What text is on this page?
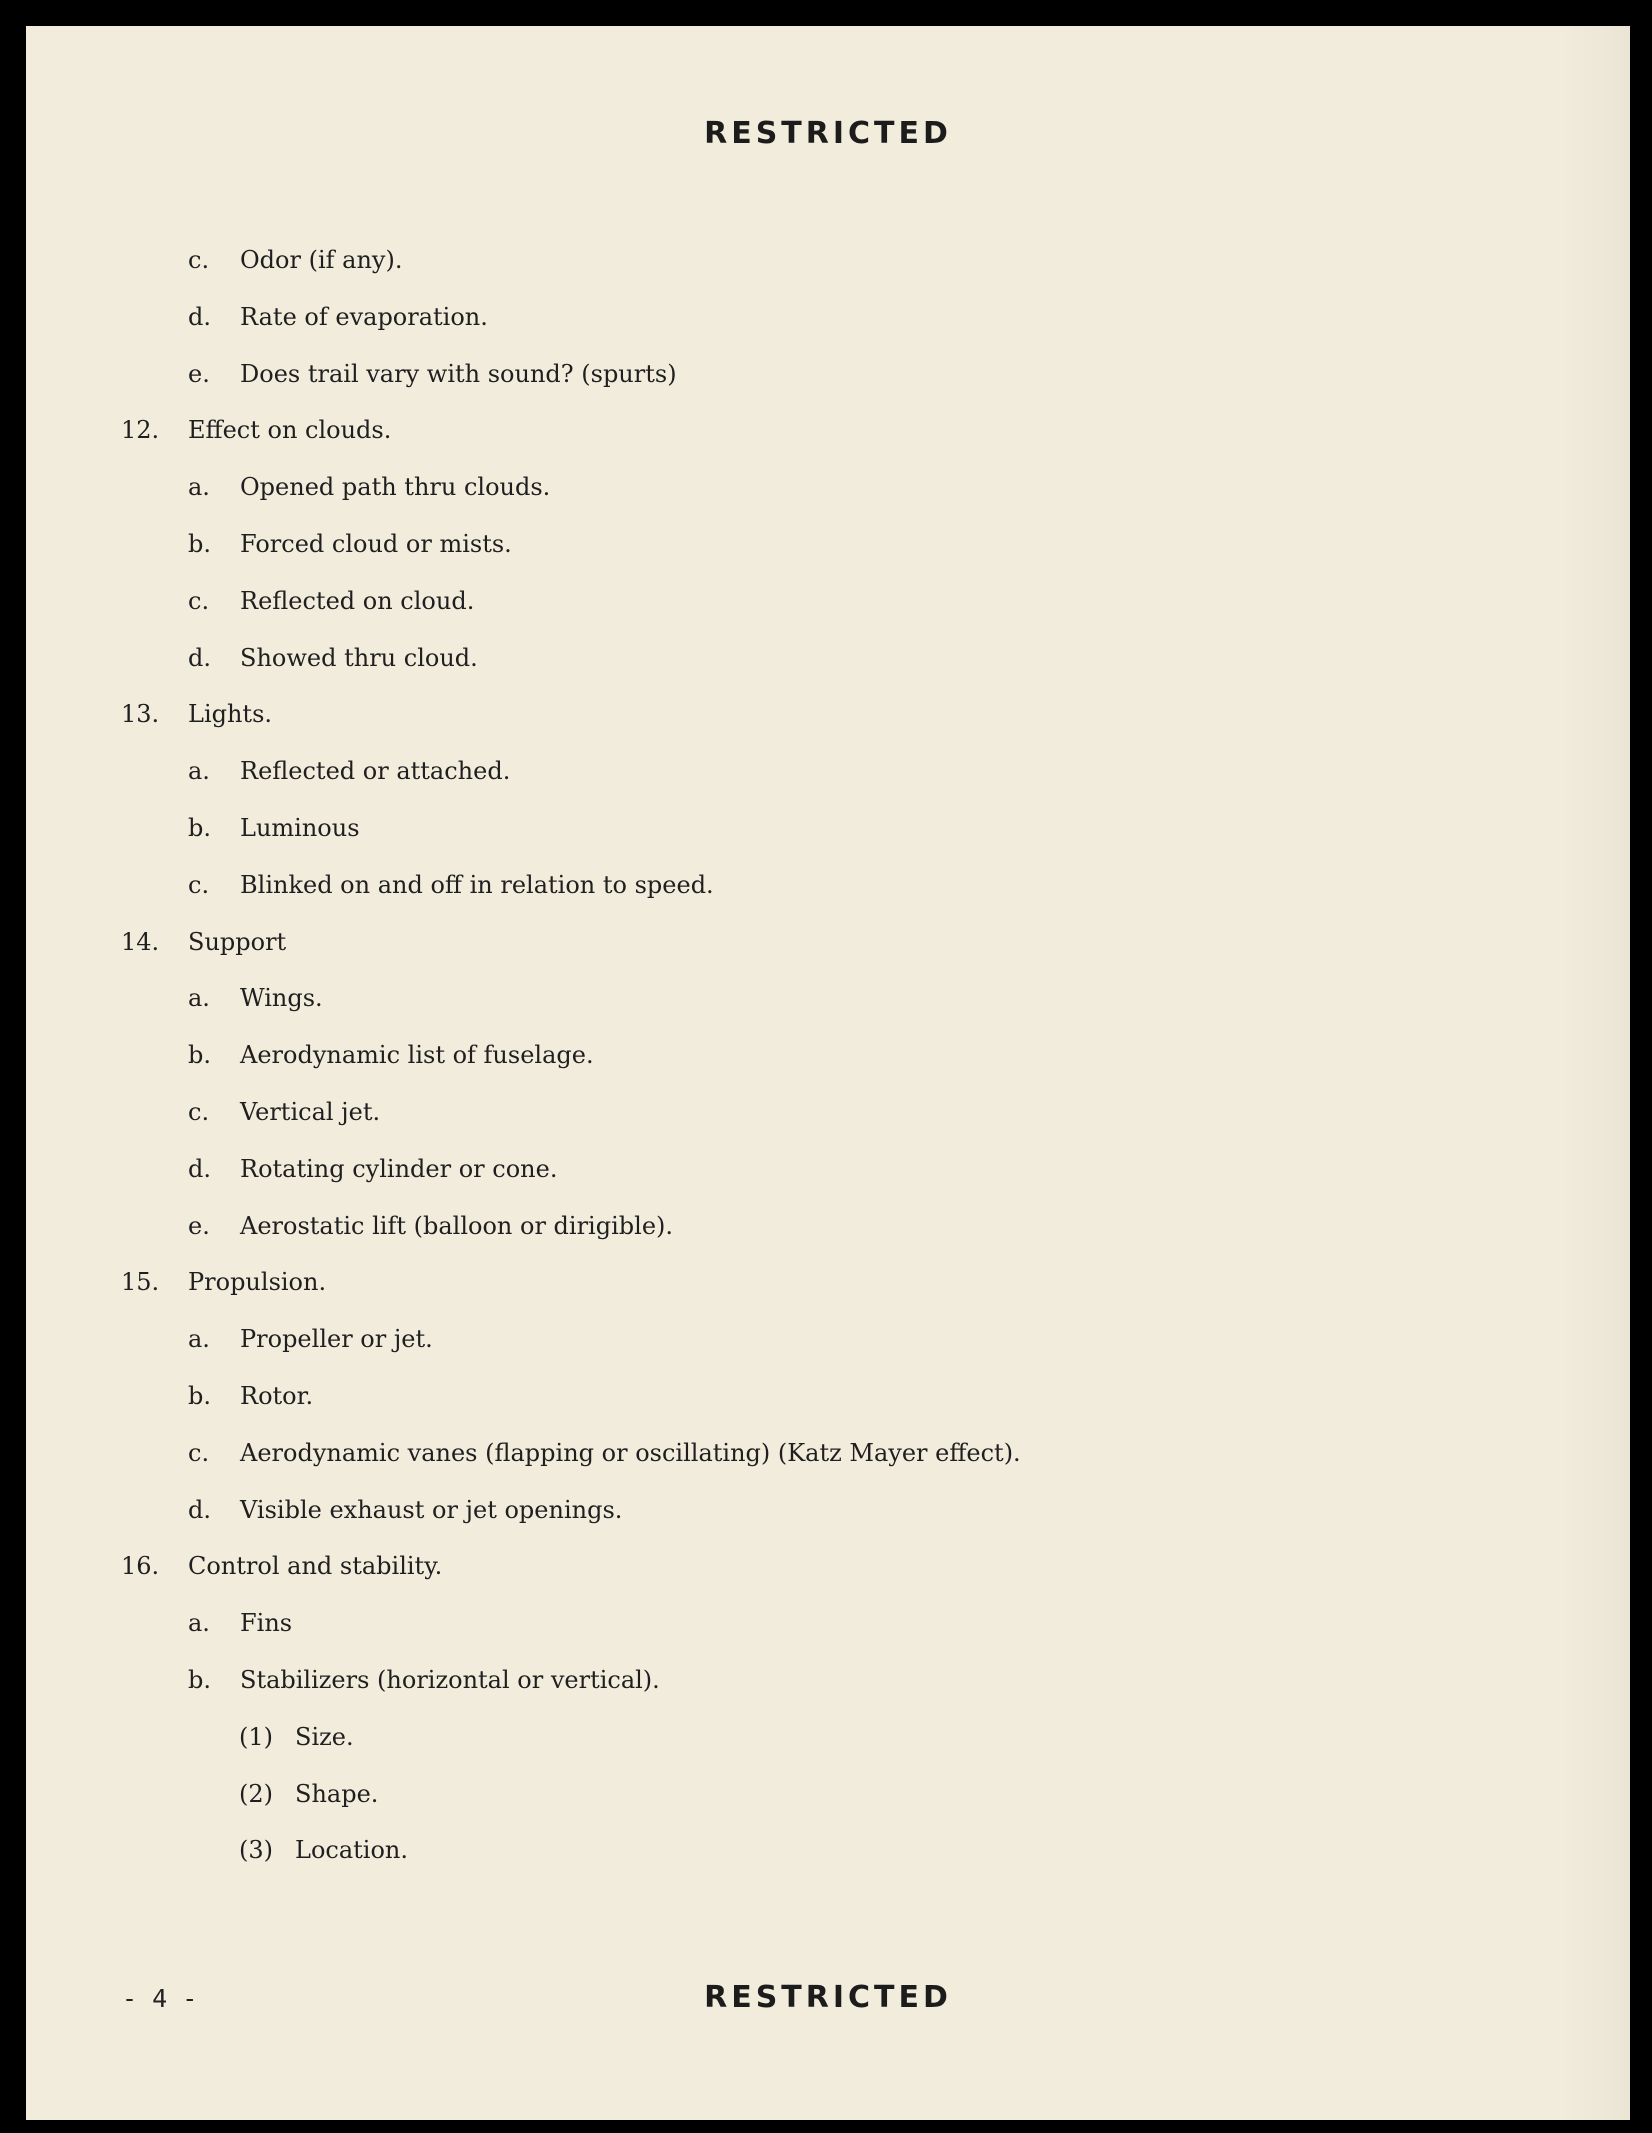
RESTRICTED
c. Odor (if any).
d. Rate of evaporation.
e. Does trail vary with sound? (spurts)
12. Effect on clouds.
a. Opened path thru clouds.
b. Forced cloud or mists.
c. Reflected on cloud.
d. Showed thru cloud.
13. Lights.
a. Reflected or attached.
b. Luminous
c. Blinked on and off in relation to speed.
14. Support
a. Wings.
b. Aerodynamic list of fuselage.
c. Vertical jet.
d. Rotating cylinder or cone.
e. Aerostatic lift (balloon or dirigible).
15. Propulsion.
a. Propeller or jet.
b. Rotor.
c. Aerodynamic vanes (flapping or oscillating) (Katz Mayer effect).
d. Visible exhaust or jet openings.
16. Control and stability.
a. Fins
b. Stabilizers (horizontal or vertical).
(1) Size.
(2) Shape.
(3) Location.
- 4 -	RESTRICTED
